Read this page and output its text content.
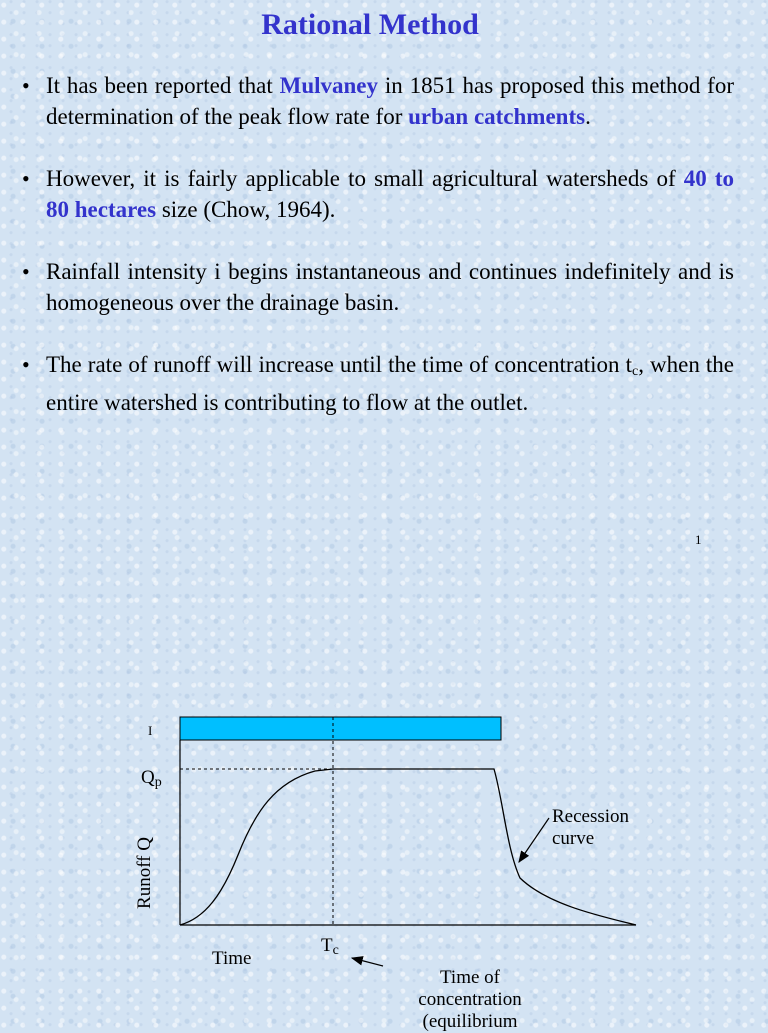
Rational Method
• It has been reported that Mulvaney in 1851 has proposed this method for determination of the peak flow rate for urban catchments.
• However, it is fairly applicable to small agricultural watersheds of 40 to 80 hectares size (Chow, 1964).
• Rainfall intensity i begins instantaneous and continues indefinitely and is homogeneous over the drainage basin.
• The rate of runoff will increase until the time of concentration $t_c$, when the entire watershed is contributing to flow at the outlet.
1
I
$Q_p$
Runoff Q
Time
$T_c$
Recession
curve
Time of
concentration
(equilibrium
